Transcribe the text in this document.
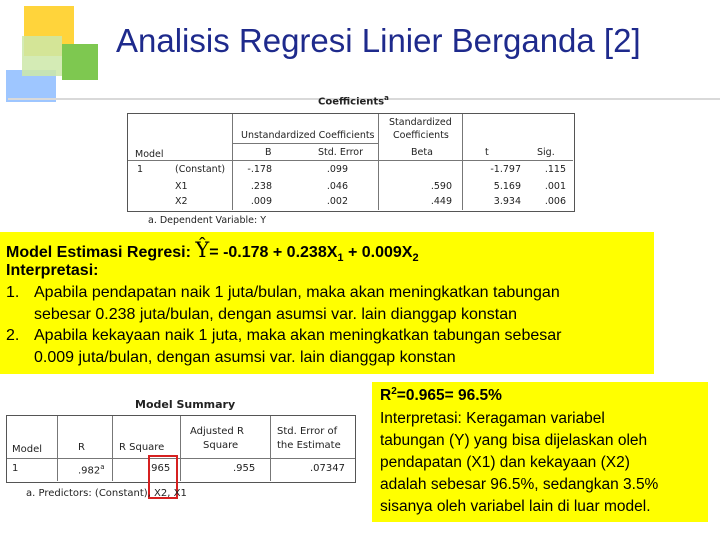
Analisis Regresi Linier Berganda [2]
Coefficients$^a$
Unstandardized Coefficients
Standardized
Coefficients
Model	B	Std. Error	Beta	t	Sig.
1	(Constant)	-.178	.099	-1.797	.115
X1	.238	.046	.590	5.169	.001
X2	.009	.002	.449	3.934	.006
a. Dependent Variable: Y
Model Estimasi Regresi: Ŷ= $-0.178 + 0.238X_1 + 0.009X_2$
Interpretasi:
1. Apabila pendapatan naik 1 juta/bulan, maka akan meningkatkan tabungan
sebesar 0.238 juta/bulan, dengan asumsi var. lain dianggap konstan
2. Apabila kekayaan naik 1 juta, maka akan meningkatkan tabungan sebesar
0.009 juta/bulan, dengan asumsi var. lain dianggap konstan
Model Summary
Model	R	R Square
Adjusted R
Square
Std. Error of
the Estimate
1	.982$^a$	.965	.955	.07347
a. Predictors: (Constant), X2, X1
$R^2=0.965= 96.5\%$
Interpretasi: Keragaman variabel
tabungan (Y) yang bisa dijelaskan oleh
pendapatan (X1) dan kekayaan (X2)
adalah sebesar 96.5%, sedangkan 3.5%
sisanya oleh variabel lain di luar model.
